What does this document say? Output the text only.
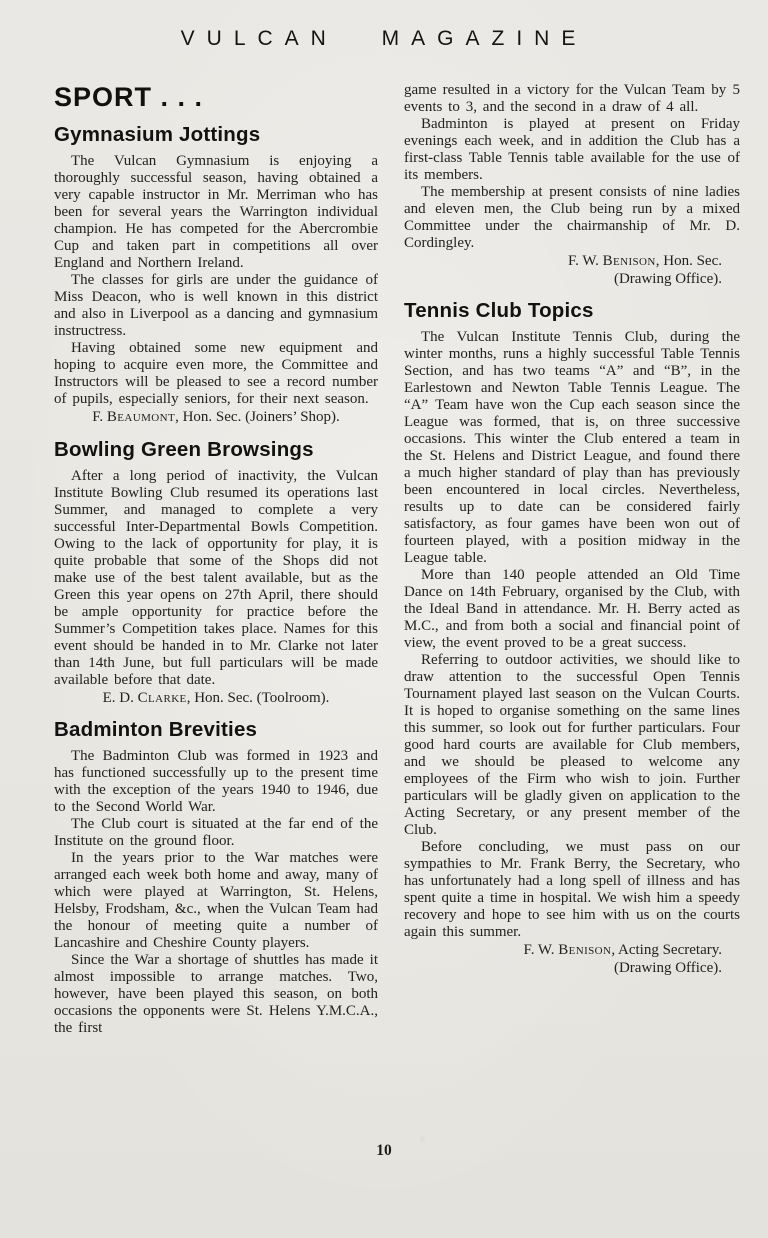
VULCAN MAGAZINE
SPORT . . .
Gymnasium Jottings

The Vulcan Gymnasium is enjoying a thoroughly successful season, having obtained a very capable instructor in Mr. Merriman who has been for several years the Warrington individual champion. He has competed for the Abercrombie Cup and taken part in competitions all over England and Northern Ireland.

The classes for girls are under the guidance of Miss Deacon, who is well known in this district and also in Liverpool as a dancing and gymnasium instructress.

Having obtained some new equipment and hoping to acquire even more, the Committee and Instructors will be pleased to see a record number of pupils, especially seniors, for their next season.

F. Beaumont, Hon. Sec. (Joiners’ Shop).
Bowling Green Browsings

After a long period of inactivity, the Vulcan Institute Bowling Club resumed its operations last Summer, and managed to complete a very successful Inter-Departmental Bowls Competition. Owing to the lack of opportunity for play, it is quite probable that some of the Shops did not make use of the best talent available, but as the Green this year opens on 27th April, there should be ample opportunity for practice before the Summer’s Competition takes place. Names for this event should be handed in to Mr. Clarke not later than 14th June, but full particulars will be made available before that date.

E. D. Clarke, Hon. Sec. (Toolroom).
Badminton Brevities

The Badminton Club was formed in 1923 and has functioned successfully up to the present time with the exception of the years 1940 to 1946, due to the Second World War.

The Club court is situated at the far end of the Institute on the ground floor.

In the years prior to the War matches were arranged each week both home and away, many of which were played at Warrington, St. Helens, Helsby, Frodsham, &c., when the Vulcan Team had the honour of meeting quite a number of Lancashire and Cheshire County players.

Since the War a shortage of shuttles has made it almost impossible to arrange matches. Two, however, have been played this season, on both occasions the opponents were St. Helens Y.M.C.A., the first

game resulted in a victory for the Vulcan Team by 5 events to 3, and the second in a draw of 4 all.

Badminton is played at present on Friday evenings each week, and in addition the Club has a first-class Table Tennis table available for the use of its members.

The membership at present consists of nine ladies and eleven men, the Club being run by a mixed Committee under the chairmanship of Mr. D. Cordingley.

F. W. Benison, Hon. Sec.
(Drawing Office).
Tennis Club Topics

The Vulcan Institute Tennis Club, during the winter months, runs a highly successful Table Tennis Section, and has two teams “A” and “B”, in the Earlestown and Newton Table Tennis League. The “A” Team have won the Cup each season since the League was formed, that is, on three successive occasions. This winter the Club entered a team in the St. Helens and District League, and found there a much higher standard of play than has previously been encountered in local circles. Nevertheless, results up to date can be considered fairly satisfactory, as four games have been won out of fourteen played, with a position midway in the League table.

More than 140 people attended an Old Time Dance on 14th February, organised by the Club, with the Ideal Band in attendance. Mr. H. Berry acted as M.C., and from both a social and financial point of view, the event proved to be a great success.

Referring to outdoor activities, we should like to draw attention to the successful Open Tennis Tournament played last season on the Vulcan Courts. It is hoped to organise something on the same lines this summer, so look out for further particulars. Four good hard courts are available for Club members, and we should be pleased to welcome any employees of the Firm who wish to join. Further particulars will be gladly given on application to the Acting Secretary, or any present member of the Club.

Before concluding, we must pass on our sympathies to Mr. Frank Berry, the Secretary, who has unfortunately had a long spell of illness and has spent quite a time in hospital. We wish him a speedy recovery and hope to see him with us on the courts again this summer.

F. W. Benison, Acting Secretary.
(Drawing Office).
10
